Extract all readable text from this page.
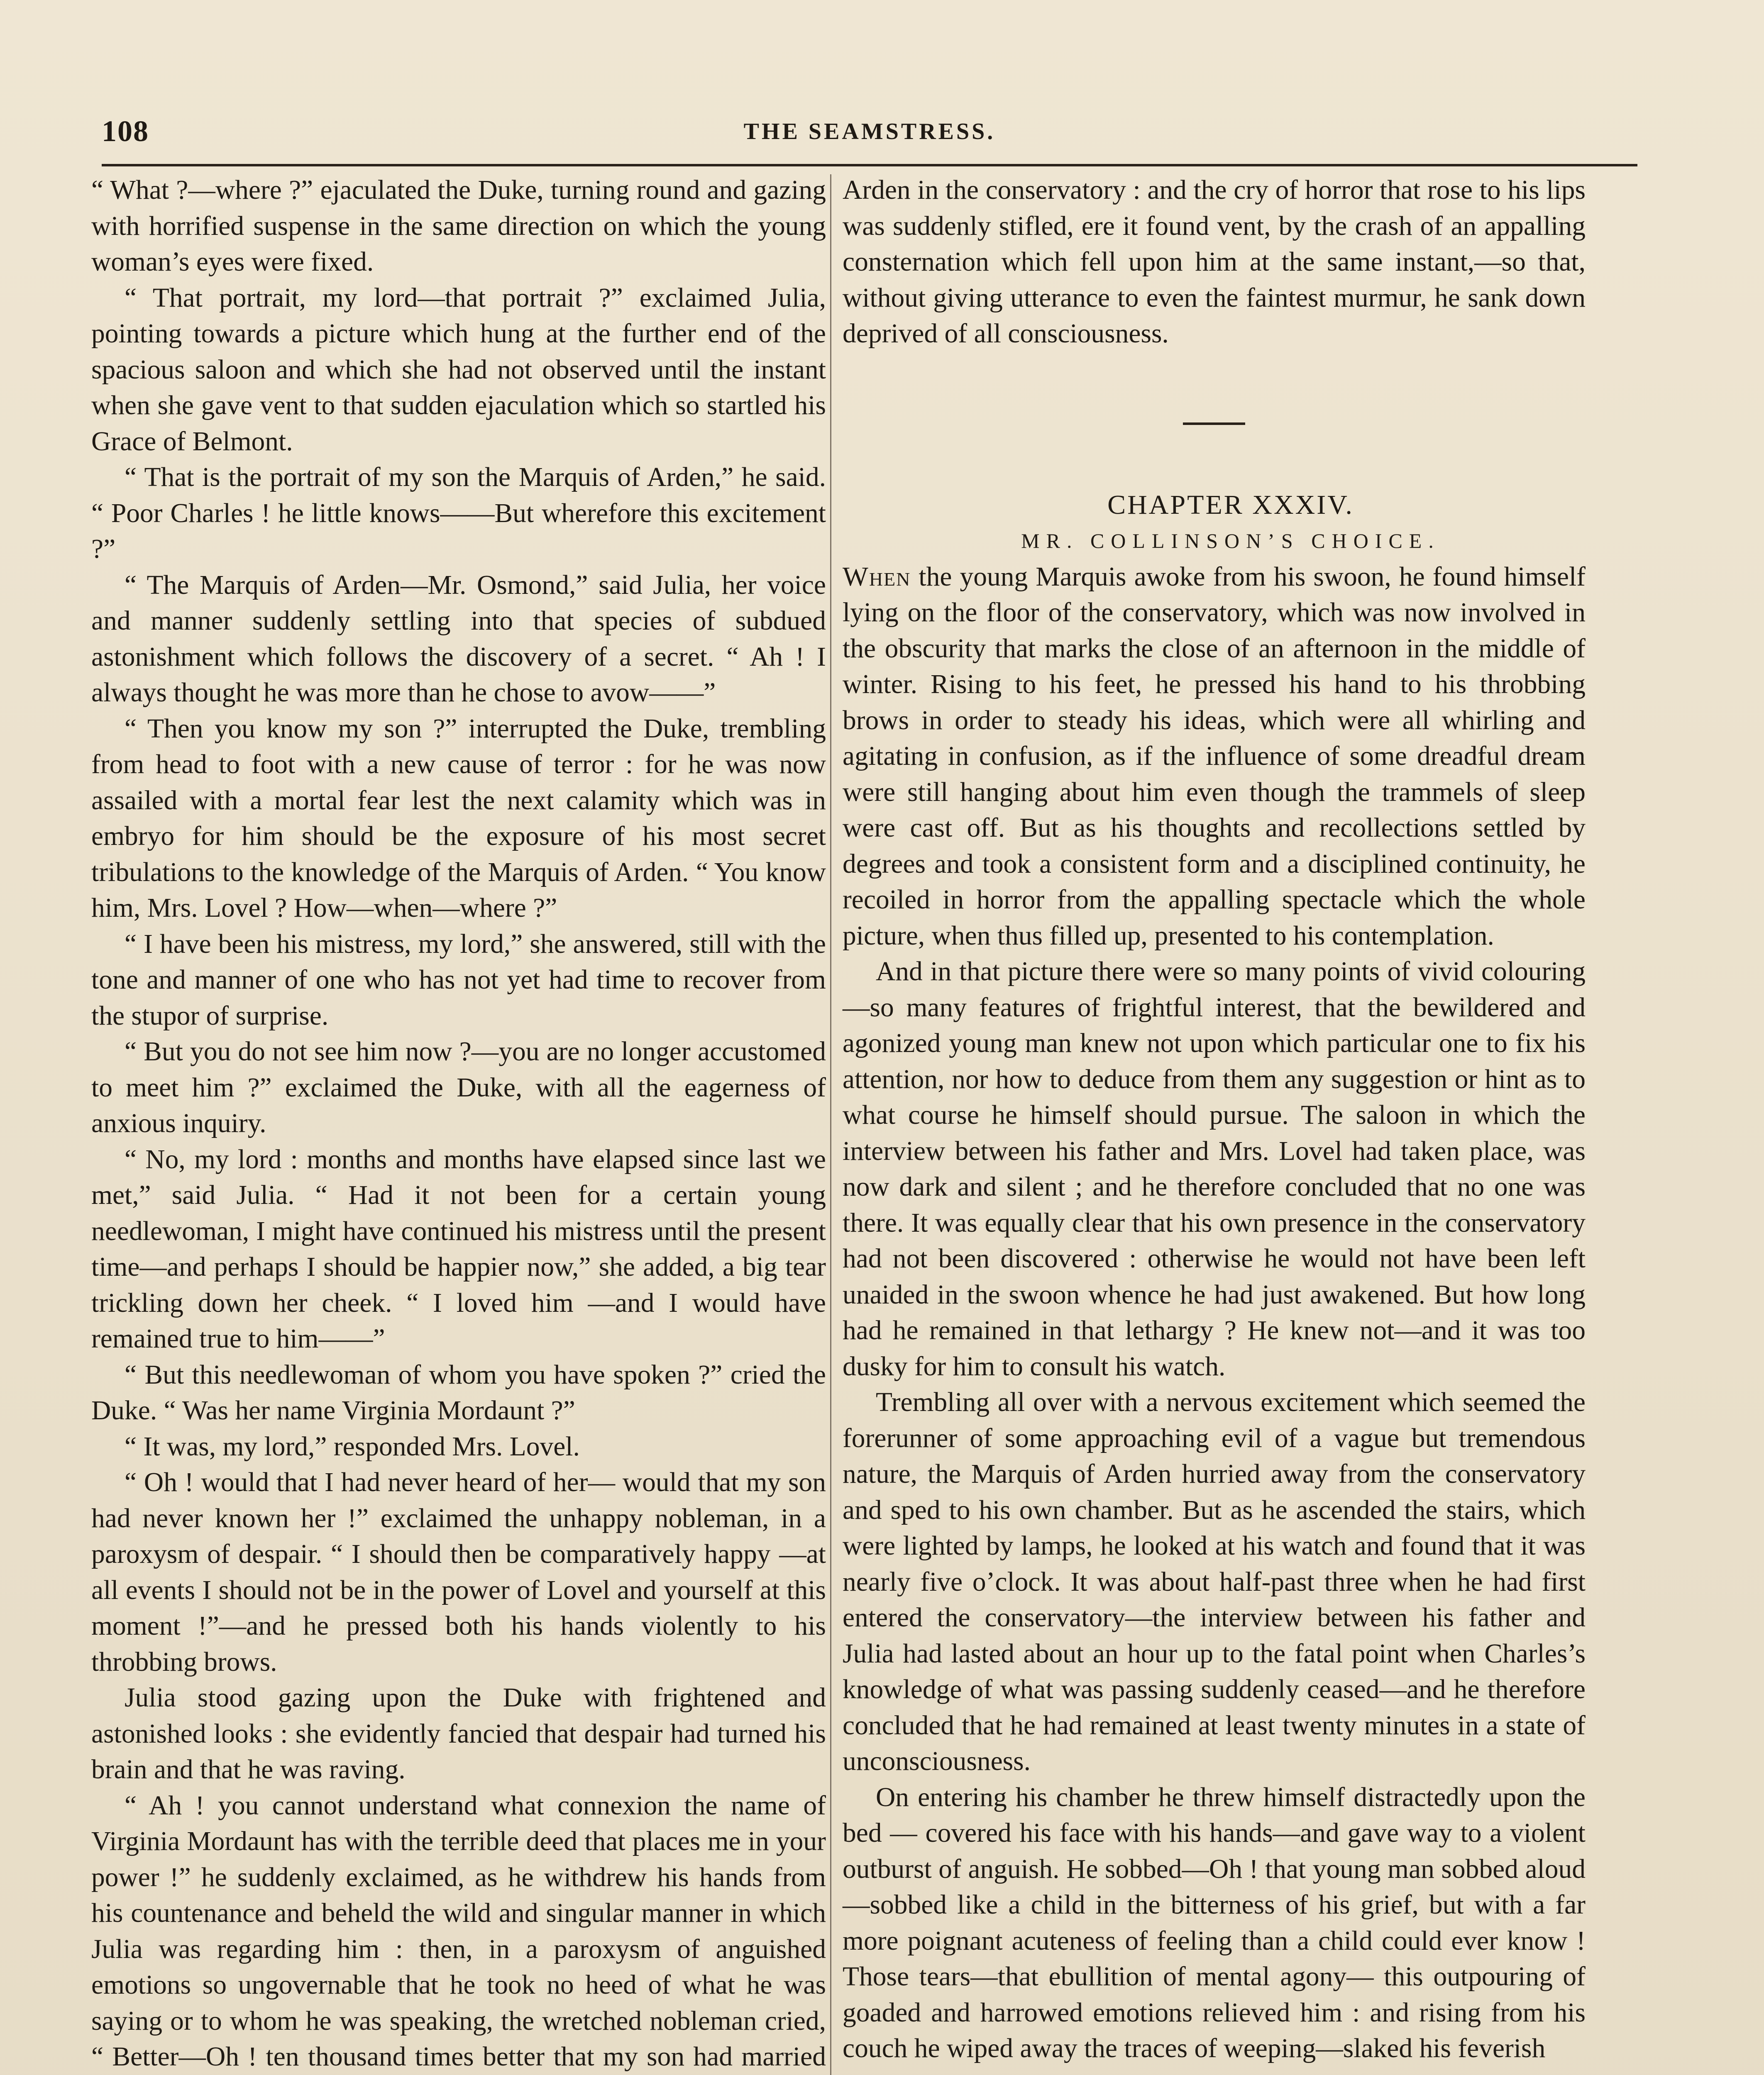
108	THE SEAMSTRESS.

“ What ?—where ?” ejaculated the Duke, turning round and gazing with horrified suspense in the same direction on which the young woman’s eyes were fixed.

“ That portrait, my lord—that portrait ?” exclaimed Julia, pointing towards a picture which hung at the further end of the spacious saloon and which she had not observed until the instant when she gave vent to that sudden ejaculation which so startled his Grace of Belmont.

“ That is the portrait of my son the Marquis of Arden,” he said. “ Poor Charles ! he little knows——But wherefore this excitement ?”

“ The Marquis of Arden—Mr. Osmond,” said Julia, her voice and manner suddenly settling into that species of subdued astonishment which follows the discovery of a secret. “ Ah ! I always thought he was more than he chose to avow——”

“ Then you know my son ?” interrupted the Duke, trembling from head to foot with a new cause of terror : for he was now assailed with a mortal fear lest the next calamity which was in embryo for him should be the exposure of his most secret tribulations to the knowledge of the Marquis of Arden. “ You know him, Mrs. Lovel ? How—when—where ?”

“ I have been his mistress, my lord,” she answered, still with the tone and manner of one who has not yet had time to recover from the stupor of surprise.

“ But you do not see him now ?—you are no longer accustomed to meet him ?” exclaimed the Duke, with all the eagerness of anxious inquiry.

“ No, my lord : months and months have elapsed since last we met,” said Julia. “ Had it not been for a certain young needlewoman, I might have continued his mistress until the present time—and perhaps I should be happier now,” she added, a big tear trickling down her cheek. “ I loved him —and I would have remained true to him——”

“ But this needlewoman of whom you have spoken ?” cried the Duke. “ Was her name Virginia Mordaunt ?”

“ It was, my lord,” responded Mrs. Lovel.

“ Oh ! would that I had never heard of her— would that my son had never known her !” exclaimed the unhappy nobleman, in a paroxysm of despair. “ I should then be comparatively happy —at all events I should not be in the power of Lovel and yourself at this moment !”—and he pressed both his hands violently to his throbbing brows.

Julia stood gazing upon the Duke with frightened and astonished looks : she evidently fancied that despair had turned his brain and that he was raving.

“ Ah ! you cannot understand what connexion the name of Virginia Mordaunt has with the terrible deed that places me in your power !” he suddenly exclaimed, as he withdrew his hands from his countenance and beheld the wild and singular manner in which Julia was regarding him : then, in a paroxysm of anguished emotions so ungovernable that he took no heed of what he was saying or to whom he was speaking, the wretched nobleman cried, “ Better—Oh ! ten thousand times better that my son had married

Arden in the conservatory : and the cry of horror that rose to his lips was suddenly stifled, ere it found vent, by the crash of an appalling consternation which fell upon him at the same instant,—so that, without giving utterance to even the faintest murmur, he sank down deprived of all consciousness.

CHAPTER XXXIV.

MR. COLLINSON’S CHOICE.

When the young Marquis awoke from his swoon, he found himself lying on the floor of the conservatory, which was now involved in the obscurity that marks the close of an afternoon in the middle of winter. Rising to his feet, he pressed his hand to his throbbing brows in order to steady his ideas, which were all whirling and agitating in confusion, as if the influence of some dreadful dream were still hanging about him even though the trammels of sleep were cast off. But as his thoughts and recollections settled by degrees and took a consistent form and a disciplined continuity, he recoiled in horror from the appalling spectacle which the whole picture, when thus filled up, presented to his contemplation.

And in that picture there were so many points of vivid colouring—so many features of frightful interest, that the bewildered and agonized young man knew not upon which particular one to fix his attention, nor how to deduce from them any suggestion or hint as to what course he himself should pursue. The saloon in which the interview between his father and Mrs. Lovel had taken place, was now dark and silent ; and he therefore concluded that no one was there. It was equally clear that his own presence in the conservatory had not been discovered : otherwise he would not have been left unaided in the swoon whence he had just awakened. But how long had he remained in that lethargy ? He knew not—and it was too dusky for him to consult his watch.

Trembling all over with a nervous excitement which seemed the forerunner of some approaching evil of a vague but tremendous nature, the Marquis of Arden hurried away from the conservatory and sped to his own chamber. But as he ascended the stairs, which were lighted by lamps, he looked at his watch and found that it was nearly five o’clock. It was about half-past three when he had first entered the conservatory—the interview between his father and Julia had lasted about an hour up to the fatal point when Charles’s knowledge of what was passing suddenly ceased—and he therefore concluded that he had remained at least twenty minutes in a state of unconsciousness.

On entering his chamber he threw himself distractedly upon the bed — covered his face with his hands—and gave way to a violent outburst of anguish. He sobbed—Oh ! that young man sobbed aloud—sobbed like a child in the bitterness of his grief, but with a far more poignant acuteness of feeling than a child could ever know ! Those tears—that ebullition of mental agony— this outpouring of goaded and harrowed emotions relieved him : and rising from his couch he wiped away the traces of weeping—slaked his feverish
